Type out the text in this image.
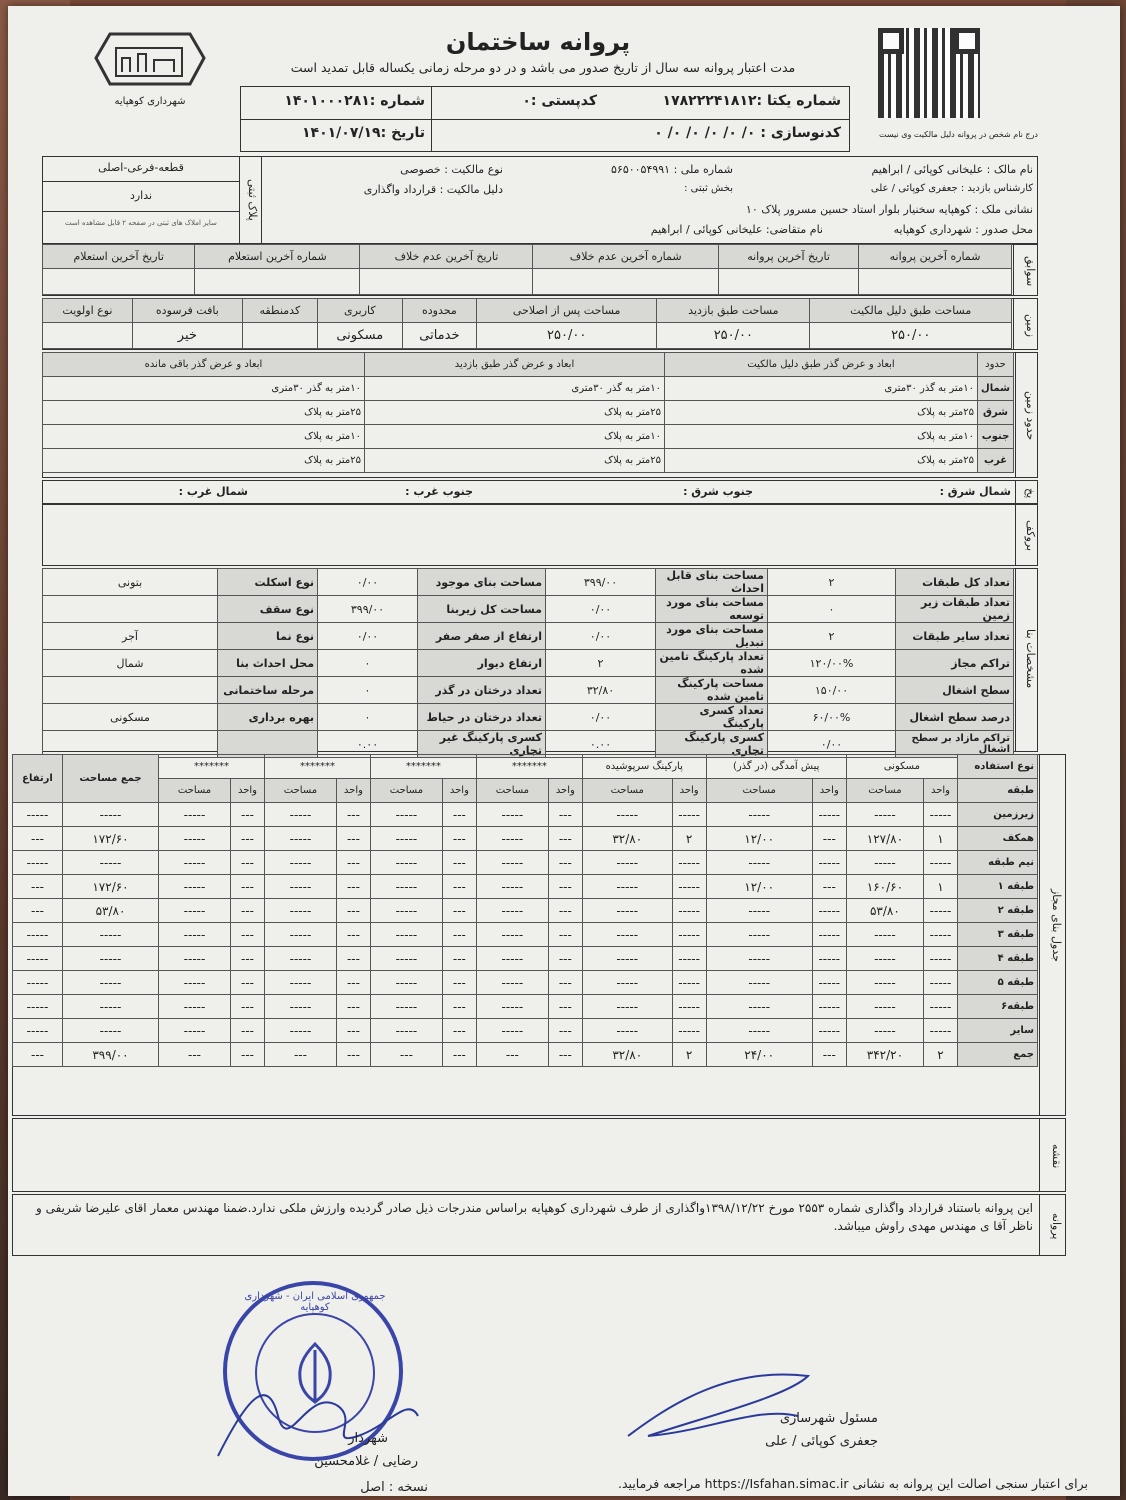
شهرداری کوهپایه
پروانه ساختمان
مدت اعتبار پروانه سه سال از تاریخ صدور می باشد و در دو مرحله زمانی یکساله قابل تمدید است
درج نام شخص در پروانه دلیل مالکیت وی نیست
شماره :۱۴۰۱۰۰۰۲۸۱
تاریخ :۱۴۰۱/۰۷/۱۹
شماره یکتا :۱۷۸۲۲۲۴۱۸۱۲
کدپستی :۰
کدنوسازی : ۰/ ۰/ ۰/ ۰/ ۰/ ۰
پلاک ثبتی
قطعه-فرعی-اصلی
ندارد
سایر املاک های ثبتی در صفحه ۲ قابل مشاهده است
نام مالک : علیخانی کوپائی / ابراهیم
شماره ملی : ۵۶۵۰۰۵۴۹۹۱
نوع مالکیت : خصوصی
کارشناس بازدید : جعفری کوپائی / علی
بخش ثبتی :
دلیل مالکیت : قرارداد واگذاری
نشانی ملک : کوهپایه سخنیار بلوار استاد حسین مسرور پلاک ۱۰
نام متقاضی: علیخانی کوپائی / ابراهیم	محل صدور : شهرداری کوهپایه
سوابق
شماره آخرین پروانه	تاریخ آخرین پروانه	شماره آخرین عدم خلاف	تاریخ آخرین عدم خلاف	شماره آخرین استعلام	تاریخ آخرین استعلام

زمین
مساحت طبق دلیل مالکیت	مساحت طبق بازدید	مساحت پس از اصلاحی	محدوده	کاربری	کدمنطقه	بافت فرسوده	نوع اولویت
۲۵۰/۰۰	۲۵۰/۰۰	۲۵۰/۰۰	خدماتی	مسکونی		خیر	
حدود زمین
حدود	ابعاد و عرض گذر طبق دلیل مالکیت	ابعاد و عرض گذر طبق بازدید	ابعاد و عرض گذر باقی مانده
شمال	۱۰متر به گذر ۳۰متری	۱۰متر به گذر ۳۰متری	۱۰متر به گذر ۳۰متری
شرق	۲۵متر به پلاک	۲۵متر به پلاک	۲۵متر به پلاک
جنوب	۱۰متر به پلاک	۱۰متر به پلاک	۱۰متر به پلاک
غرب	۲۵متر به پلاک	۲۵متر به پلاک	۲۵متر به پلاک
پخ
شمال شرق :
جنوب شرق :
جنوب غرب :
شمال غرب :
بروکف
مشخصات بنا
تعداد کل طبقات	۲	مساحت بنای قابل احداث	۳۹۹/۰۰	مساحت بنای موجود	۰/۰۰	نوع اسکلت	بتونی
تعداد طبقات زیر زمین	۰	مساحت بنای مورد توسعه	۰/۰۰	مساحت کل زیربنا	۳۹۹/۰۰	نوع سقف	
تعداد سایر طبقات	۲	مساحت بنای مورد تبدیل	۰/۰۰	ارتفاع از صفر صفر	۰/۰۰	نوع نما	آجر
تراکم مجاز	۱۲۰/۰۰%	تعداد پارکینگ تامین شده	۲	ارتفاع دیوار	۰	محل احداث بنا	شمال
سطح اشغال	۱۵۰/۰۰	مساحت پارکینگ تامین شده	۳۲/۸۰	تعداد درختان در گذر	۰	مرحله ساختمانی	
درصد سطح اشغال	۶۰/۰۰%	تعداد کسری پارکینگ	۰/۰۰	تعداد درختان در حیاط	۰	بهره برداری	مسکونی
تراکم مازاد بر سطح اشغال	۰/۰۰	کسری پارکینگ تجاری	۰.۰۰	کسری پارکینگ غیر تجاری	۰.۰۰		
جدول بنای مجاز
نوع استفاده	مسکونی		پیش آمدگی (در گذر)		پارکینگ سرپوشیده		*******		*******		*******		*******		جمع مساحت	ارتفاع
طبقه	واحد	مساحت	واحد	مساحت	واحد	مساحت	واحد	مساحت	واحد	مساحت	واحد	مساحت	واحد	مساحت		
زیرزمین	-----	-----	-----	-----	-----	-----	---	-----	---	-----	---	-----	---	-----	-----	-----
همکف	۱	۱۲۷/۸۰	---	۱۲/۰۰	۲	۳۲/۸۰	---	-----	---	-----	---	-----	---	-----	۱۷۲/۶۰	---
نیم طبقه	-----	-----	-----	-----	-----	-----	---	-----	---	-----	---	-----	---	-----	-----	-----
طبقه ۱	۱	۱۶۰/۶۰	---	۱۲/۰۰	-----	-----	---	-----	---	-----	---	-----	---	-----	۱۷۲/۶۰	---
طبقه ۲	-----	۵۳/۸۰	-----	-----	-----	-----	---	-----	---	-----	---	-----	---	-----	۵۳/۸۰	---
طبقه ۳	-----	-----	-----	-----	-----	-----	---	-----	---	-----	---	-----	---	-----	-----	-----
طبقه ۴	-----	-----	-----	-----	-----	-----	---	-----	---	-----	---	-----	---	-----	-----	-----
طبقه ۵	-----	-----	-----	-----	-----	-----	---	-----	---	-----	---	-----	---	-----	-----	-----
طبقه۶	-----	-----	-----	-----	-----	-----	---	-----	---	-----	---	-----	---	-----	-----	-----
سایر	-----	-----	-----	-----	-----	-----	---	-----	---	-----	---	-----	---	-----	-----	-----
جمع	۲	۳۴۲/۲۰	---	۲۴/۰۰	۲	۳۲/۸۰	---	---	---	---	---	---	---	---	۳۹۹/۰۰	---
نقشه
پروانه
این پروانه باستناد قرارداد واگذاری شماره ۲۵۵۳ مورخ ۱۳۹۸/۱۲/۲۲واگذاری از طرف شهرداری کوهپایه براساس مندرجات ذیل صادر گردیده وارزش ملکی ندارد.ضمنا مهندس معمار اقای علیرضا شریفی و ناظر آقا ی مهندس مهدی راوش میباشد.
جمهوری اسلامی ایران - شهرداری کوهپایه
مسئول شهرسازی
جعفری کوپائی / علی
شهردار
رضایی / غلامحسین
نسخه : اصل	برای اعتبار سنجی اصالت این پروانه به نشانی https://Isfahan.simac.ir مراجعه فرمایید.
